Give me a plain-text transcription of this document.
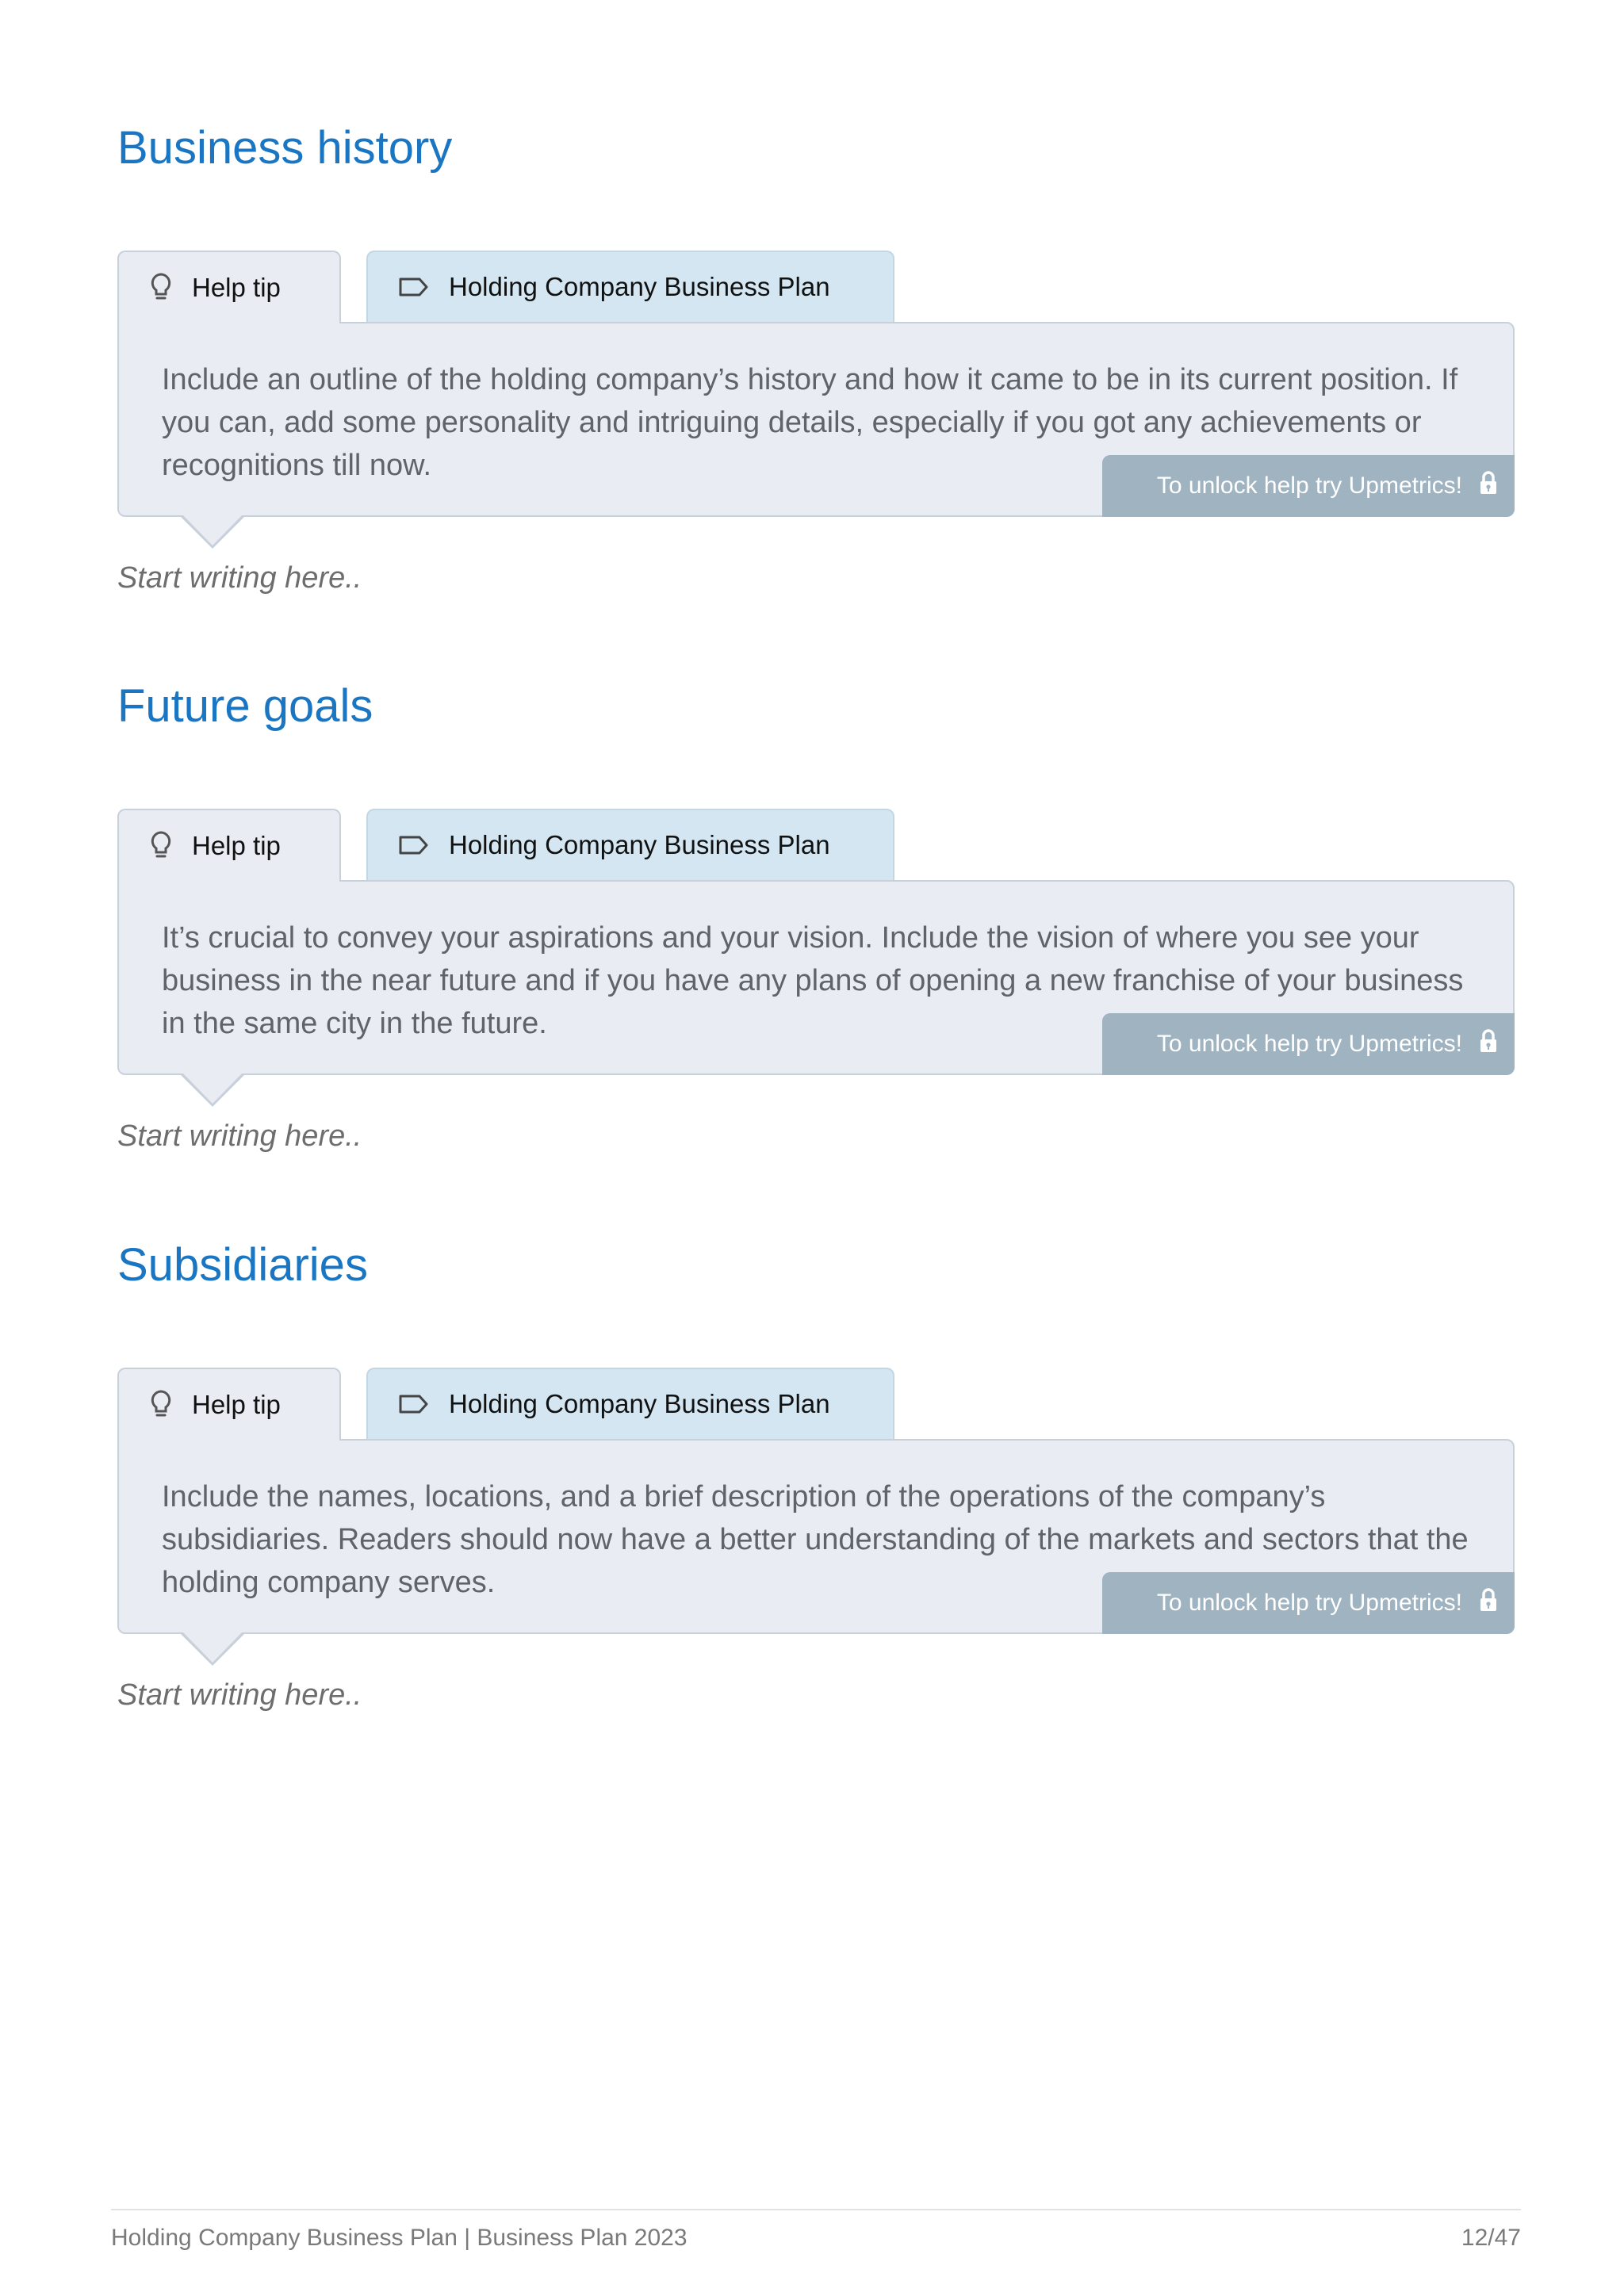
Business history
Help tip	Holding Company Business Plan

Include an outline of the holding company’s history and how it came to be in its current position. If you can, add some personality and intriguing details, especially if you got any achievements or recognitions till now.

To unlock help try Upmetrics!

Start writing here..

Future goals
Help tip	Holding Company Business Plan

It’s crucial to convey your aspirations and your vision. Include the vision of where you see your business in the near future and if you have any plans of opening a new franchise of your business in the same city in the future.

To unlock help try Upmetrics!

Start writing here..

Subsidiaries
Help tip	Holding Company Business Plan

Include the names, locations, and a brief description of the operations of the company’s subsidiaries. Readers should now have a better understanding of the markets and sectors that the holding company serves.

To unlock help try Upmetrics!

Start writing here..

Holding Company Business Plan | Business Plan 2023	12/47
